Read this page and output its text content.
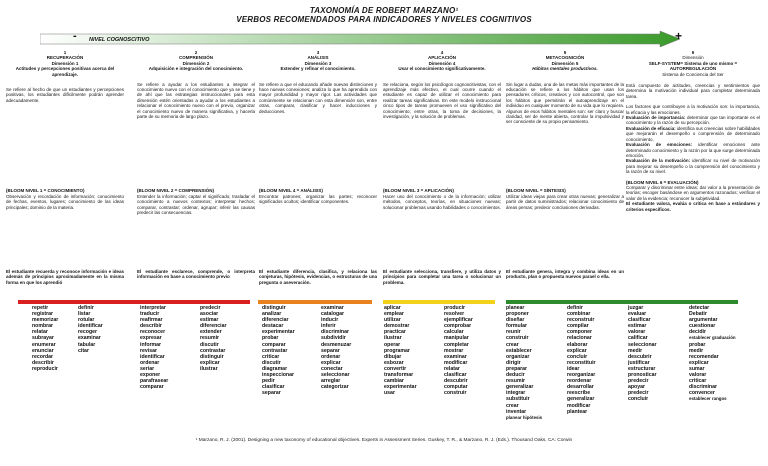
TAXONOMÍA DE ROBERT MARZANO¹
VERBOS RECOMENDADOS PARA INDICADORES Y NIVELES COGNITIVOS
-	+
NIVEL COGNOSCITIVO
1
RECUPERACIÓN
Dimensión 1
Actitudes y percepciones positivas acerca del aprendizaje.
Se refiere al hecho de que un estudiantes y percepciones positivas, los estudiantes difícilmente podrán aprender adecuadamente.
(BLOOM NIVEL 1 = CONOCIMIENTO)
Observación y recordación de información; conocimiento de fechas, eventos, lugares; conocimiento de las ideas principales; dominio de la materia.
El estudiante recuerda y reconoce información e ideas además de principios aproximadamente en la misma forma en que los aprendió
2
COMPRENSIÓN
Dimensión 2
Adquisición e integración del conocimiento.
Se refiere a ayudar a los estudiantes a integrar el conocimiento nuevo con el conocimiento que ya se tiene y de ahí que las estrategias instruccionales para esta dimensión estén orientadas a ayudar a los estudiantes a relacionar el conocimiento nuevo con el previo, organizar el conocimiento nuevo de manera significativa, y hacerla parte de su memoria de largo plazo.
(BLOOM NIVEL 2 = COMPRENSIÓN)
Entender la información; captar el significado; trasladar el conocimiento a nuevos contextos; interpretar hechos; comparar, contrastar; ordenar, agrupar; inferir las causas predecir las consecuencias.
El estudiante esclarece, comprende, o interpreta información en base a conocimiento previo
3
ANÁLISIS
Dimensión 3
Extender y refinar el conocimiento.
Se refiere a que el educando añade nuevas distinciones y hace nuevas conexiones; analiza lo que ha aprendido con mayor profundidad y mayor rigor. Las actividades que comúnmente se relacionan con esta dimensión son, entre otras, comparar, clasificar y hacer inducciones y deducciones.
(BLOOM NIVEL 4 = ANÁLISIS)
Encontrar patrones; organizar las partes; reconocer significados ocultos; identificar componentes.
El estudiante diferencia, clasifica, y relaciona las conjeturas, hipótesis, evidencias, o estructuras de una pregunta o aseveración.
4
APLICACIÓN
Dimensión 4
Usar el conocimiento significativamente.
Se relaciona, según los psicólogos cognoscitivistas, con el aprendizaje más efectivo, el cual ocurre cuando el estudiante es capaz de utilizar el conocimiento para realizar tareas significativas. En este modelo instruccional cinco tipos de tareas promueven el uso significativo del conocimiento; entre otras, la toma de decisiones, la investigación, y la solución de problemas.
(BLOOM NIVEL 3 = APLICACIÓN)
Hacer uso del conocimiento o de la información; utilizar métodos, conceptos, teorías, en situaciones nuevas; solucionar problemas usando habilidades o conocimientos.
El estudiante selecciona, transfiere, y utiliza datos y principios para completar una tarea o solucionar un problema.
5
METACOGNICIÓN
Dimensión 5
Hábitos mentales productivos.
Sin lugar a dudas, una de las metas más importantes de la educación se refiere a los hábitos que usan los pensadores críticos, creativos y con autocontrol, que son los hábitos que permitirán el autoaprendizaje en el individuo en cualquier momento de su vida que lo requiera. Algunos de esos hábitos mentales son: ser claro y buscar claridad, ser de mente abierta, controlar la impulsividad y ser consciente de su propio pensamiento.
(BLOOM NIVEL = SÍNTESIS)
Utilizar ideas viejas para crear otras nuevas; generalizar a partir de datos suministrados; relacionar conocimiento de áreas persas; predecir conclusiones derivadas.
El estudiante genera, integra y combina ideas en un producto, plan o propuesta nuevos parael o ella.
6
Dimensión
SELF-SYSTEM= Sistema de uno mismo = AUTORREGULACIÓN
Sistema de Conciencia del Ser
Está compuesto de actitudes, creencias y sentimientos que determina la motivación individual para completar determinada tarea.
Los factores que contribuyen a la motivación son: la importancia, la eficacia y las emociones.
Evaluación de importancia: determinar que tan importante es el conocimiento y la razón de su percepción.
Evaluación de eficacia: identifica sus creencias sobre habilidades que mejorarán el desempeño o comprensión de determinado conocimiento.
Evaluación de emociones: identificar emociones ante determinado conocimiento y la razón por la que surge determinada emoción.
Evaluación de la motivación: identificar su nivel de motivación para mejorar su desempeño o la comprensión del conocimiento y la razón de su nivel.
(BLOOM NIVEL 6 = EVALUACIÓN)
Comparar y discriminar entre ideas; dar valor a la presentación de teorías; escoger basándose en argumentos razonados; verificar el valor de la evidencia; reconocer la subjetividad.
El estudiante valora, evalúa o critica en base a estándares y criterios específicos.
repetir
registrar
memorizar
nombrar
relatar
subrayar
enumerar
enunciar
recordar
describir
reproducir
definir
listar
rotular
identificar
recoger
examinar
tabular
citar
interpretar
traducir
reafirmar
describir
reconocer
expresar
informar
revisar
identificar
ordenar
seriar
exponer
parafrasear
comparar
predecir
asociar
estimar
diferenciar
extender
resumir
discutir
contrastar
distinguir
explicar
ilustrar
distinguir
analizar
diferenciar
destacar
experimentar
probar
comparar
contrastar
criticar
discutir
diagramar
inspeccionar
pedir
clasificar
separar
examinar
catalogar
inducir
inferir
discriminar
subdividir
desmenuzar
separar
ordenar
explicar
conectar
seleccionar
arreglar
categorizar
aplicar
emplear
utilizar
demostrar
practicar
ilustrar
operar
programar
dibujar
esbozar
convertir
transformar
cambiar
experimentar
usar
producir
resolver
ejemplificar
comprobar
calcular
manipular
completar
mostrar
examinar
modificar
relatar
clasificar
descubrir
computar
construir
planear
proponer
diseñar
formular
reunir
construir
crear
establecer
organizar
dirigir
preparar
deducir
resumir
generalizar
integrar
substituir
crear
inventar
planear hipótesis
definir
combinar
reconstruir
compilar
componer
relacionar
elaborar
explicar
concluir
reconstituir
idear
reorganizar
reordenar
desarrollar
reescribe
generalizar
modificar
plantear
juzgar
evaluar
clasificar
estimar
valorar
calificar
seleccionar
medir
descubrir
justificar
estructurar
pronosticar
predecir
apoyar
predecir
concluir
detectar
Debatir
argumentar
cuestionar
decidir
establecer graduación
probar
medir
recomendar
explicar
sumar
valorar
criticar
discriminar
convencer
establecer rangos
¹ Marzano, R. J. (2001). Designing a new taxonomy of educational objectives. Experts in Assessment Series. Guskey, T. R., & Marzano, R. J. (Eds.). Thousand Oaks, CA: Corwin
